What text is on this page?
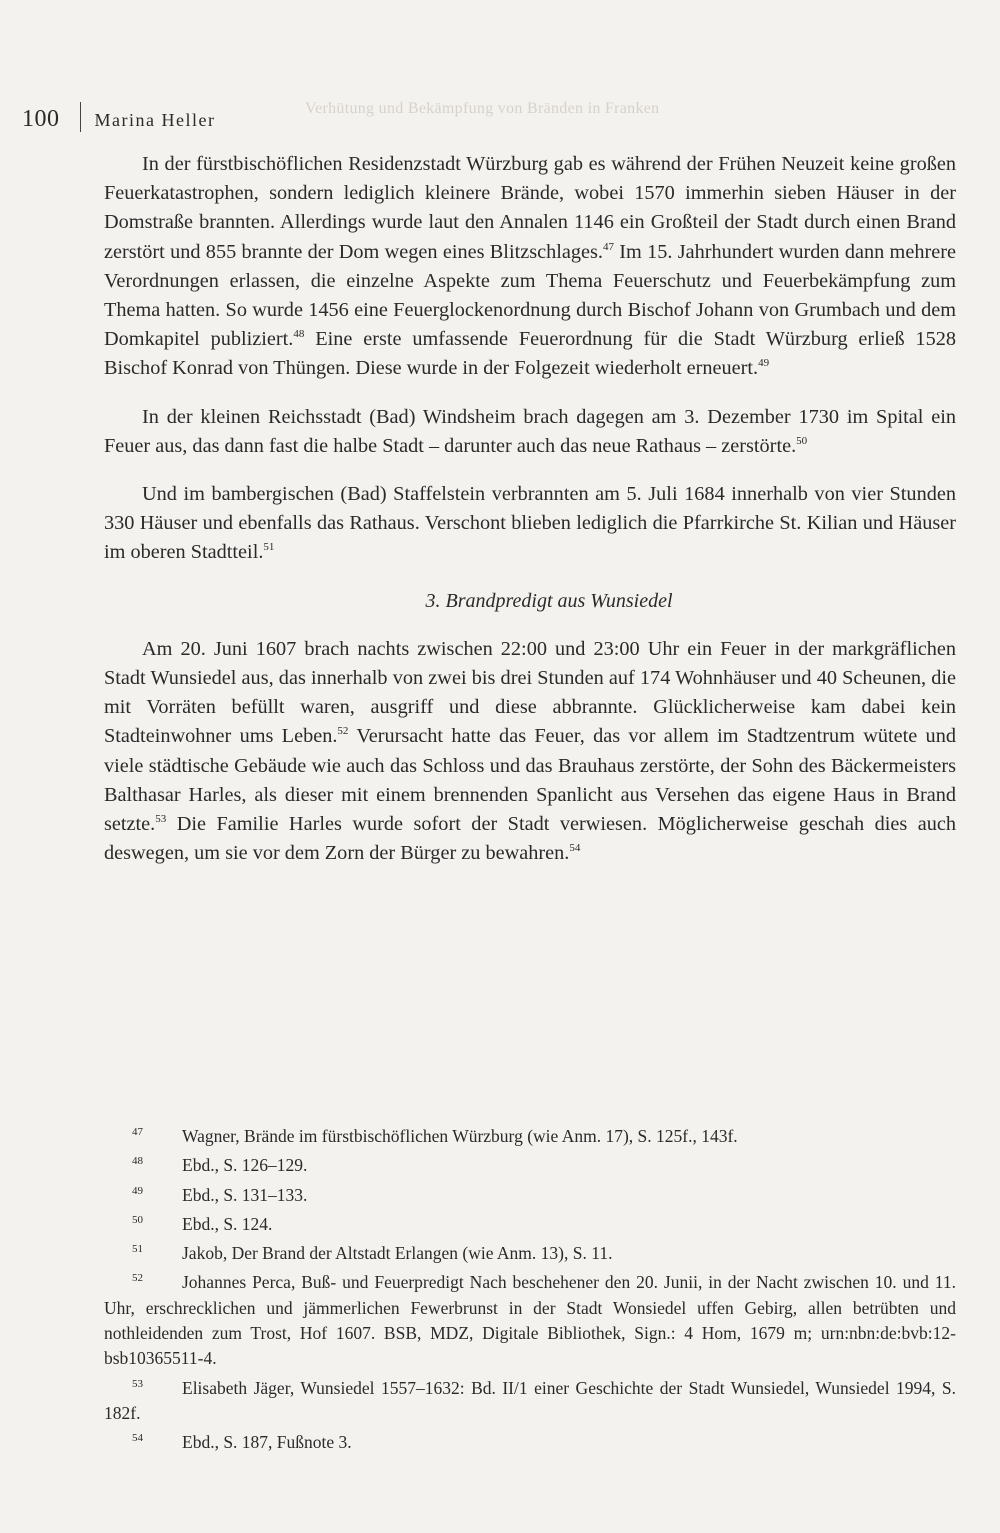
100 Marina Heller
Verhütung und Bekämpfung von Bränden in Franken

In der fürstbischöflichen Residenzstadt Würzburg gab es während der Frühen Neuzeit keine großen Feuerkatastrophen, sondern lediglich kleinere Brände, wobei 1570 immerhin sieben Häuser in der Domstraße brannten. Allerdings wurde laut den Annalen 1146 ein Großteil der Stadt durch einen Brand zerstört und 855 brannte der Dom wegen eines Blitzschlages.$^{47}$ Im 15. Jahrhundert wurden dann mehrere Verordnungen erlassen, die einzelne Aspekte zum Thema Feuerschutz und Feuerbekämpfung zum Thema hatten. So wurde 1456 eine Feuerglockenordnung durch Bischof Johann von Grumbach und dem Domkapitel publiziert.$^{48}$ Eine erste umfassende Feuerordnung für die Stadt Würzburg erließ 1528 Bischof Konrad von Thüngen. Diese wurde in der Folgezeit wiederholt erneuert.$^{49}$

In der kleinen Reichsstadt (Bad) Windsheim brach dagegen am 3. Dezember 1730 im Spital ein Feuer aus, das dann fast die halbe Stadt – darunter auch das neue Rathaus – zerstörte.$^{50}$

Und im bambergischen (Bad) Staffelstein verbrannten am 5. Juli 1684 innerhalb von vier Stunden 330 Häuser und ebenfalls das Rathaus. Verschont blieben lediglich die Pfarrkirche St. Kilian und Häuser im oberen Stadtteil.$^{51}$

3. Brandpredigt aus Wunsiedel

Am 20. Juni 1607 brach nachts zwischen 22:00 und 23:00 Uhr ein Feuer in der markgräflichen Stadt Wunsiedel aus, das innerhalb von zwei bis drei Stunden auf 174 Wohnhäuser und 40 Scheunen, die mit Vorräten befüllt waren, ausgriff und diese abbrannte. Glücklicherweise kam dabei kein Stadteinwohner ums Leben.$^{52}$ Verursacht hatte das Feuer, das vor allem im Stadtzentrum wütete und viele städtische Gebäude wie auch das Schloss und das Brauhaus zerstörte, der Sohn des Bäckermeisters Balthasar Harles, als dieser mit einem brennenden Spanlicht aus Versehen das eigene Haus in Brand setzte.$^{53}$ Die Familie Harles wurde sofort der Stadt verwiesen. Möglicherweise geschah dies auch deswegen, um sie vor dem Zorn der Bürger zu bewahren.$^{54}$

47 Wagner, Brände im fürstbischöflichen Würzburg (wie Anm. 17), S. 125f., 143f.
48 Ebd., S. 126–129.
49 Ebd., S. 131–133.
50 Ebd., S. 124.
51 Jakob, Der Brand der Altstadt Erlangen (wie Anm. 13), S. 11.
52 Johannes Perca, Buß- und Feuerpredigt Nach beschehener den 20. Junii, in der Nacht zwischen 10. und 11. Uhr, erschrecklichen und jämmerlichen Fewerbrunst in der Stadt Wonsiedel uffen Gebirg, allen betrübten und nothleidenden zum Trost, Hof 1607. BSB, MDZ, Digitale Bibliothek, Sign.: 4 Hom, 1679 m; urn:nbn:de:bvb:12-bsb10365511-4.
53 Elisabeth Jäger, Wunsiedel 1557–1632: Bd. II/1 einer Geschichte der Stadt Wunsiedel, Wunsiedel 1994, S. 182f.
54 Ebd., S. 187, Fußnote 3.
